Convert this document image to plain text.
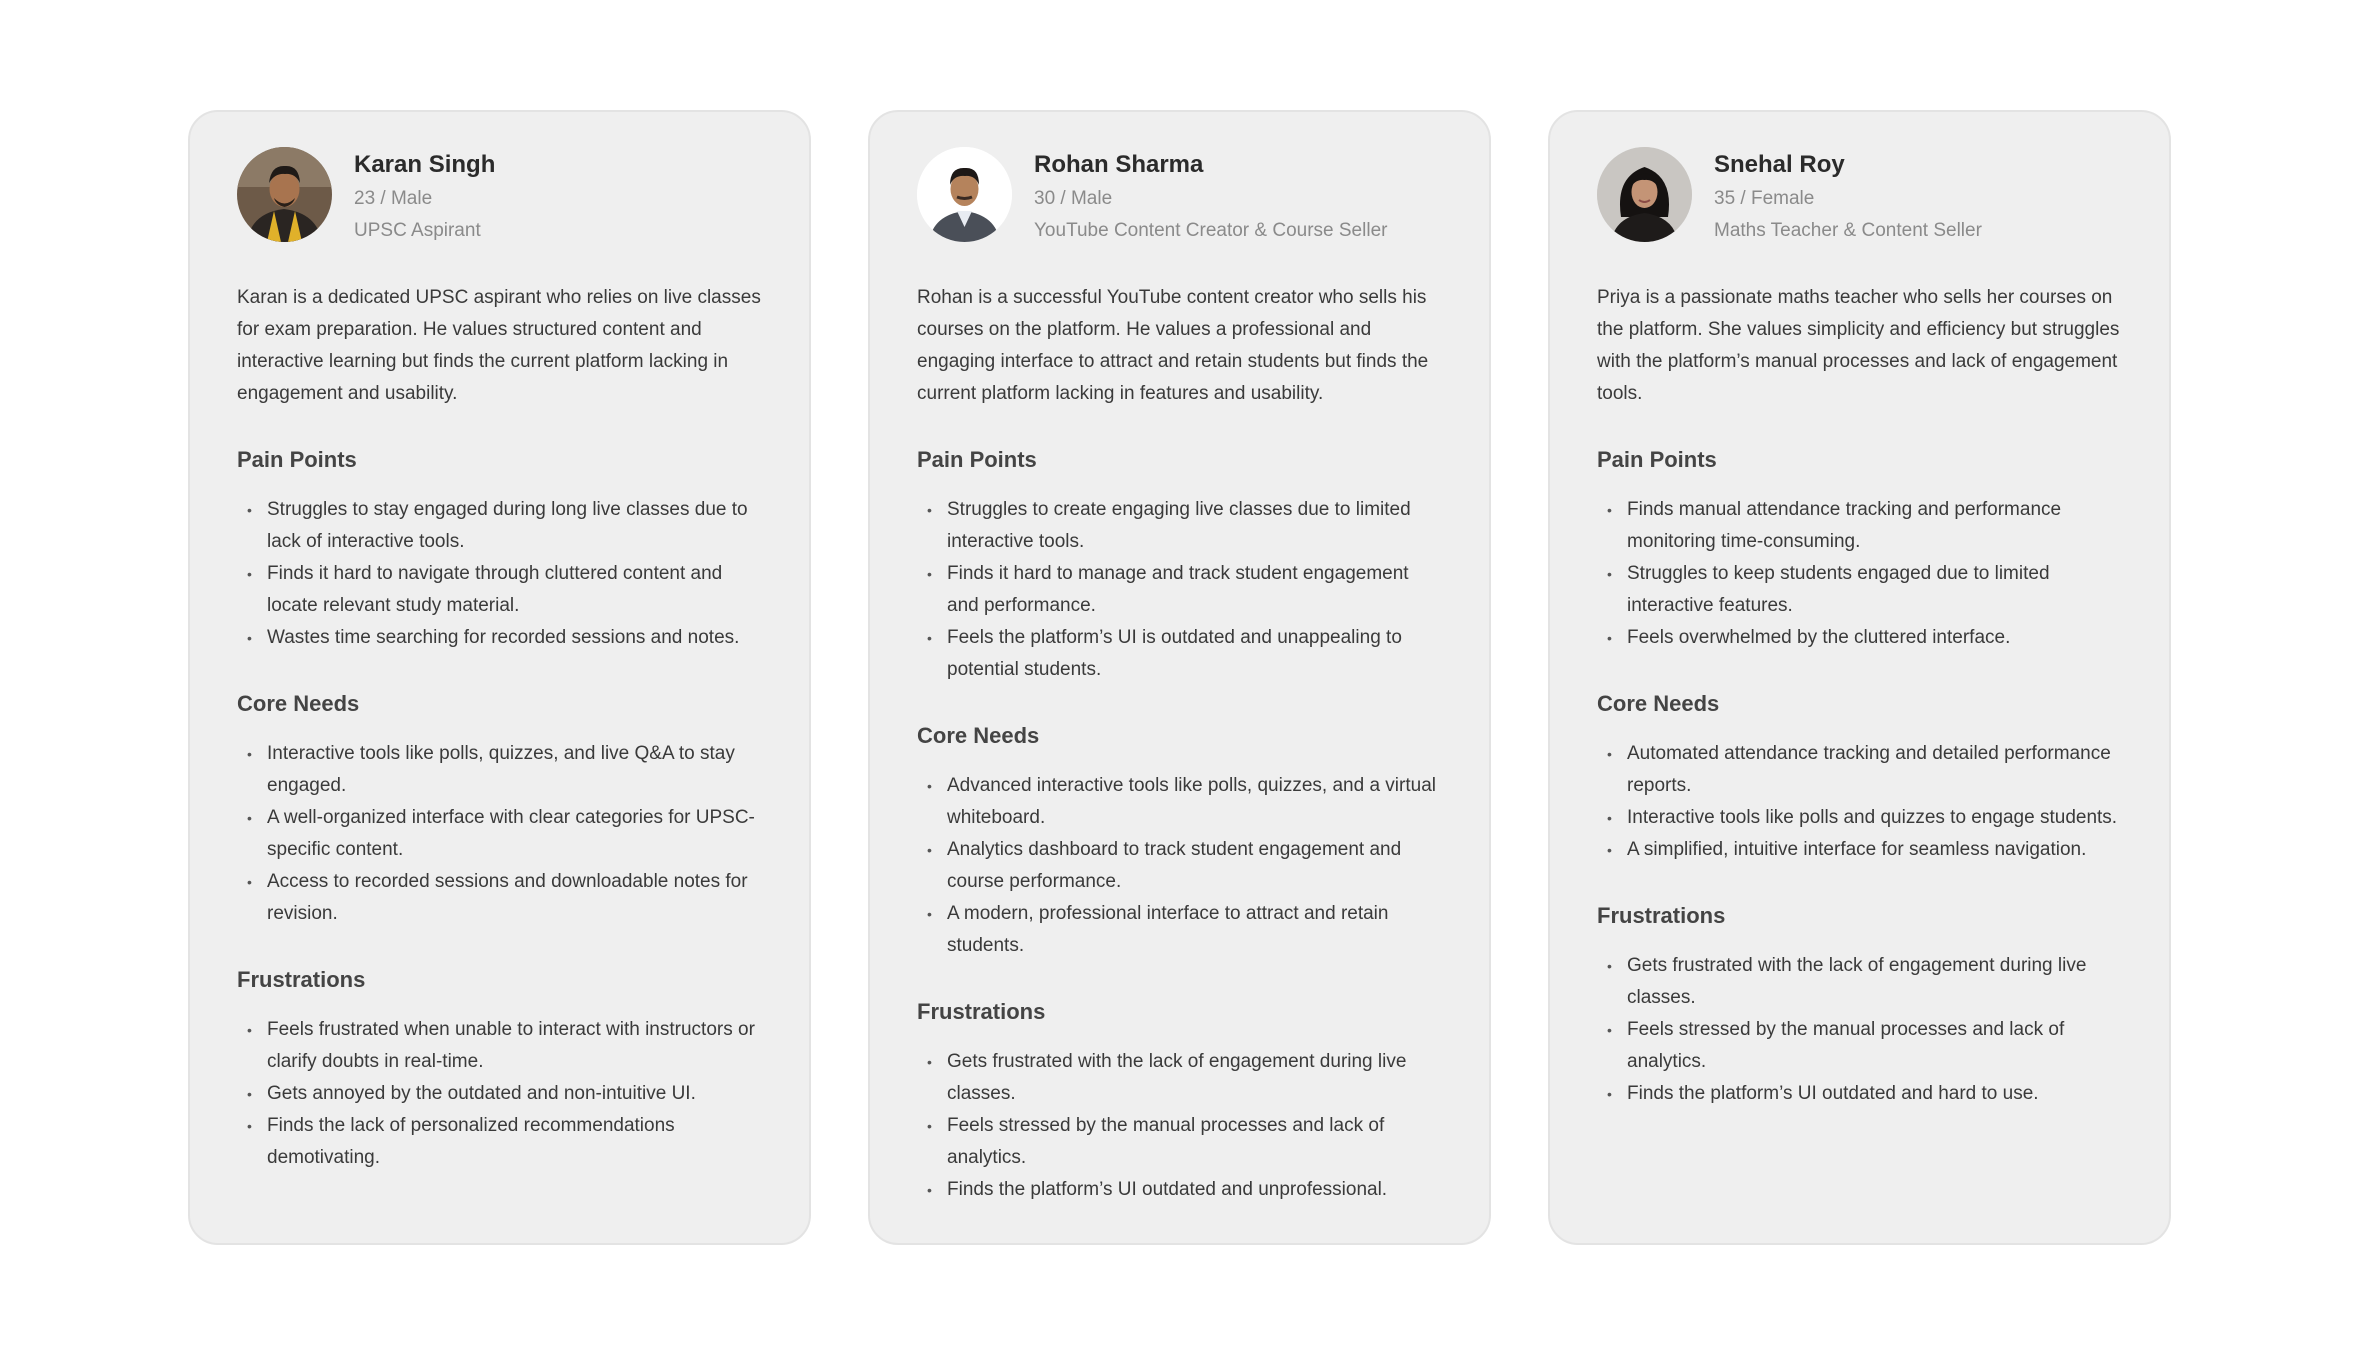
Karan Singh
23 / Male
UPSC Aspirant
Karan is a dedicated UPSC aspirant who relies on live classes for exam preparation. He values structured content and interactive learning but finds the current platform lacking in engagement and usability.
Pain Points
• Struggles to stay engaged during long live classes due to lack of interactive tools.
• Finds it hard to navigate through cluttered content and locate relevant study material.
• Wastes time searching for recorded sessions and notes.
Core Needs
• Interactive tools like polls, quizzes, and live Q&A to stay engaged.
• A well-organized interface with clear categories for UPSC-specific content.
• Access to recorded sessions and downloadable notes for revision.
Frustrations
• Feels frustrated when unable to interact with instructors or clarify doubts in real-time.
• Gets annoyed by the outdated and non-intuitive UI.
• Finds the lack of personalized recommendations demotivating.
Rohan Sharma
30 / Male
YouTube Content Creator & Course Seller
Rohan is a successful YouTube content creator who sells his courses on the platform. He values a professional and engaging interface to attract and retain students but finds the current platform lacking in features and usability.
Pain Points
• Struggles to create engaging live classes due to limited interactive tools.
• Finds it hard to manage and track student engagement and performance.
• Feels the platform’s UI is outdated and unappealing to potential students.
Core Needs
• Advanced interactive tools like polls, quizzes, and a virtual whiteboard.
• Analytics dashboard to track student engagement and course performance.
• A modern, professional interface to attract and retain students.
Frustrations
• Gets frustrated with the lack of engagement during live classes.
• Feels stressed by the manual processes and lack of analytics.
• Finds the platform’s UI outdated and unprofessional.
Snehal Roy
35 / Female
Maths Teacher & Content Seller
Priya is a passionate maths teacher who sells her courses on the platform. She values simplicity and efficiency but struggles with the platform’s manual processes and lack of engagement tools.
Pain Points
• Finds manual attendance tracking and performance monitoring time-consuming.
• Struggles to keep students engaged due to limited interactive features.
• Feels overwhelmed by the cluttered interface.
Core Needs
• Automated attendance tracking and detailed performance reports.
• Interactive tools like polls and quizzes to engage students.
• A simplified, intuitive interface for seamless navigation.
Frustrations
• Gets frustrated with the lack of engagement during live classes.
• Feels stressed by the manual processes and lack of analytics.
• Finds the platform’s UI outdated and hard to use.
